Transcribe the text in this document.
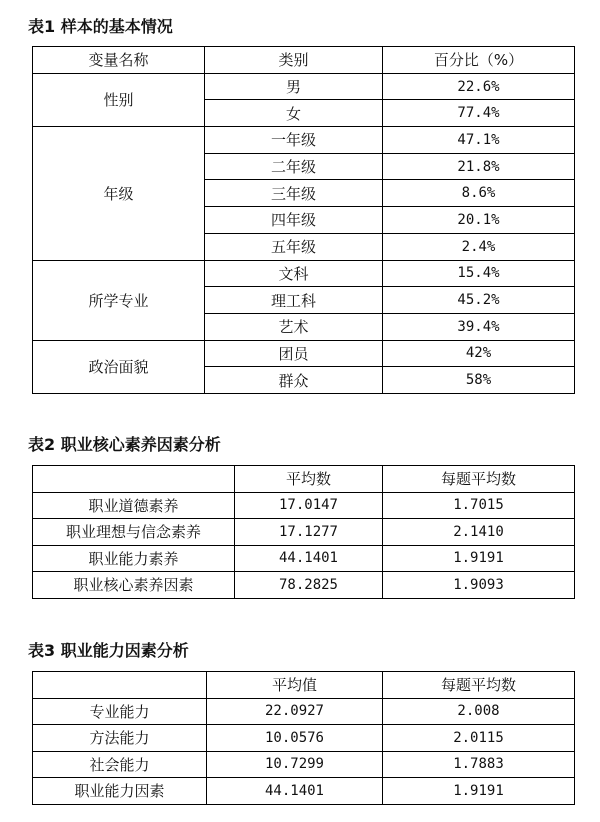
表1 样本的基本情况
变量名称	类别	百分比（%）
性别	男	22.6%
	女	77.4%
年级	一年级	47.1%
	二年级	21.8%
	三年级	8.6%
	四年级	20.1%
	五年级	2.4%
所学专业	文科	15.4%
	理工科	45.2%
	艺术	39.4%
政治面貌	团员	42%
	群众	58%
表2 职业核心素养因素分析
	平均数	每题平均数
职业道德素养	17.0147	1.7015
职业理想与信念素养	17.1277	2.1410
职业能力素养	44.1401	1.9191
职业核心素养因素	78.2825	1.9093
表3 职业能力因素分析
	平均值	每题平均数
专业能力	22.0927	2.008
方法能力	10.0576	2.0115
社会能力	10.7299	1.7883
职业能力因素	44.1401	1.9191
